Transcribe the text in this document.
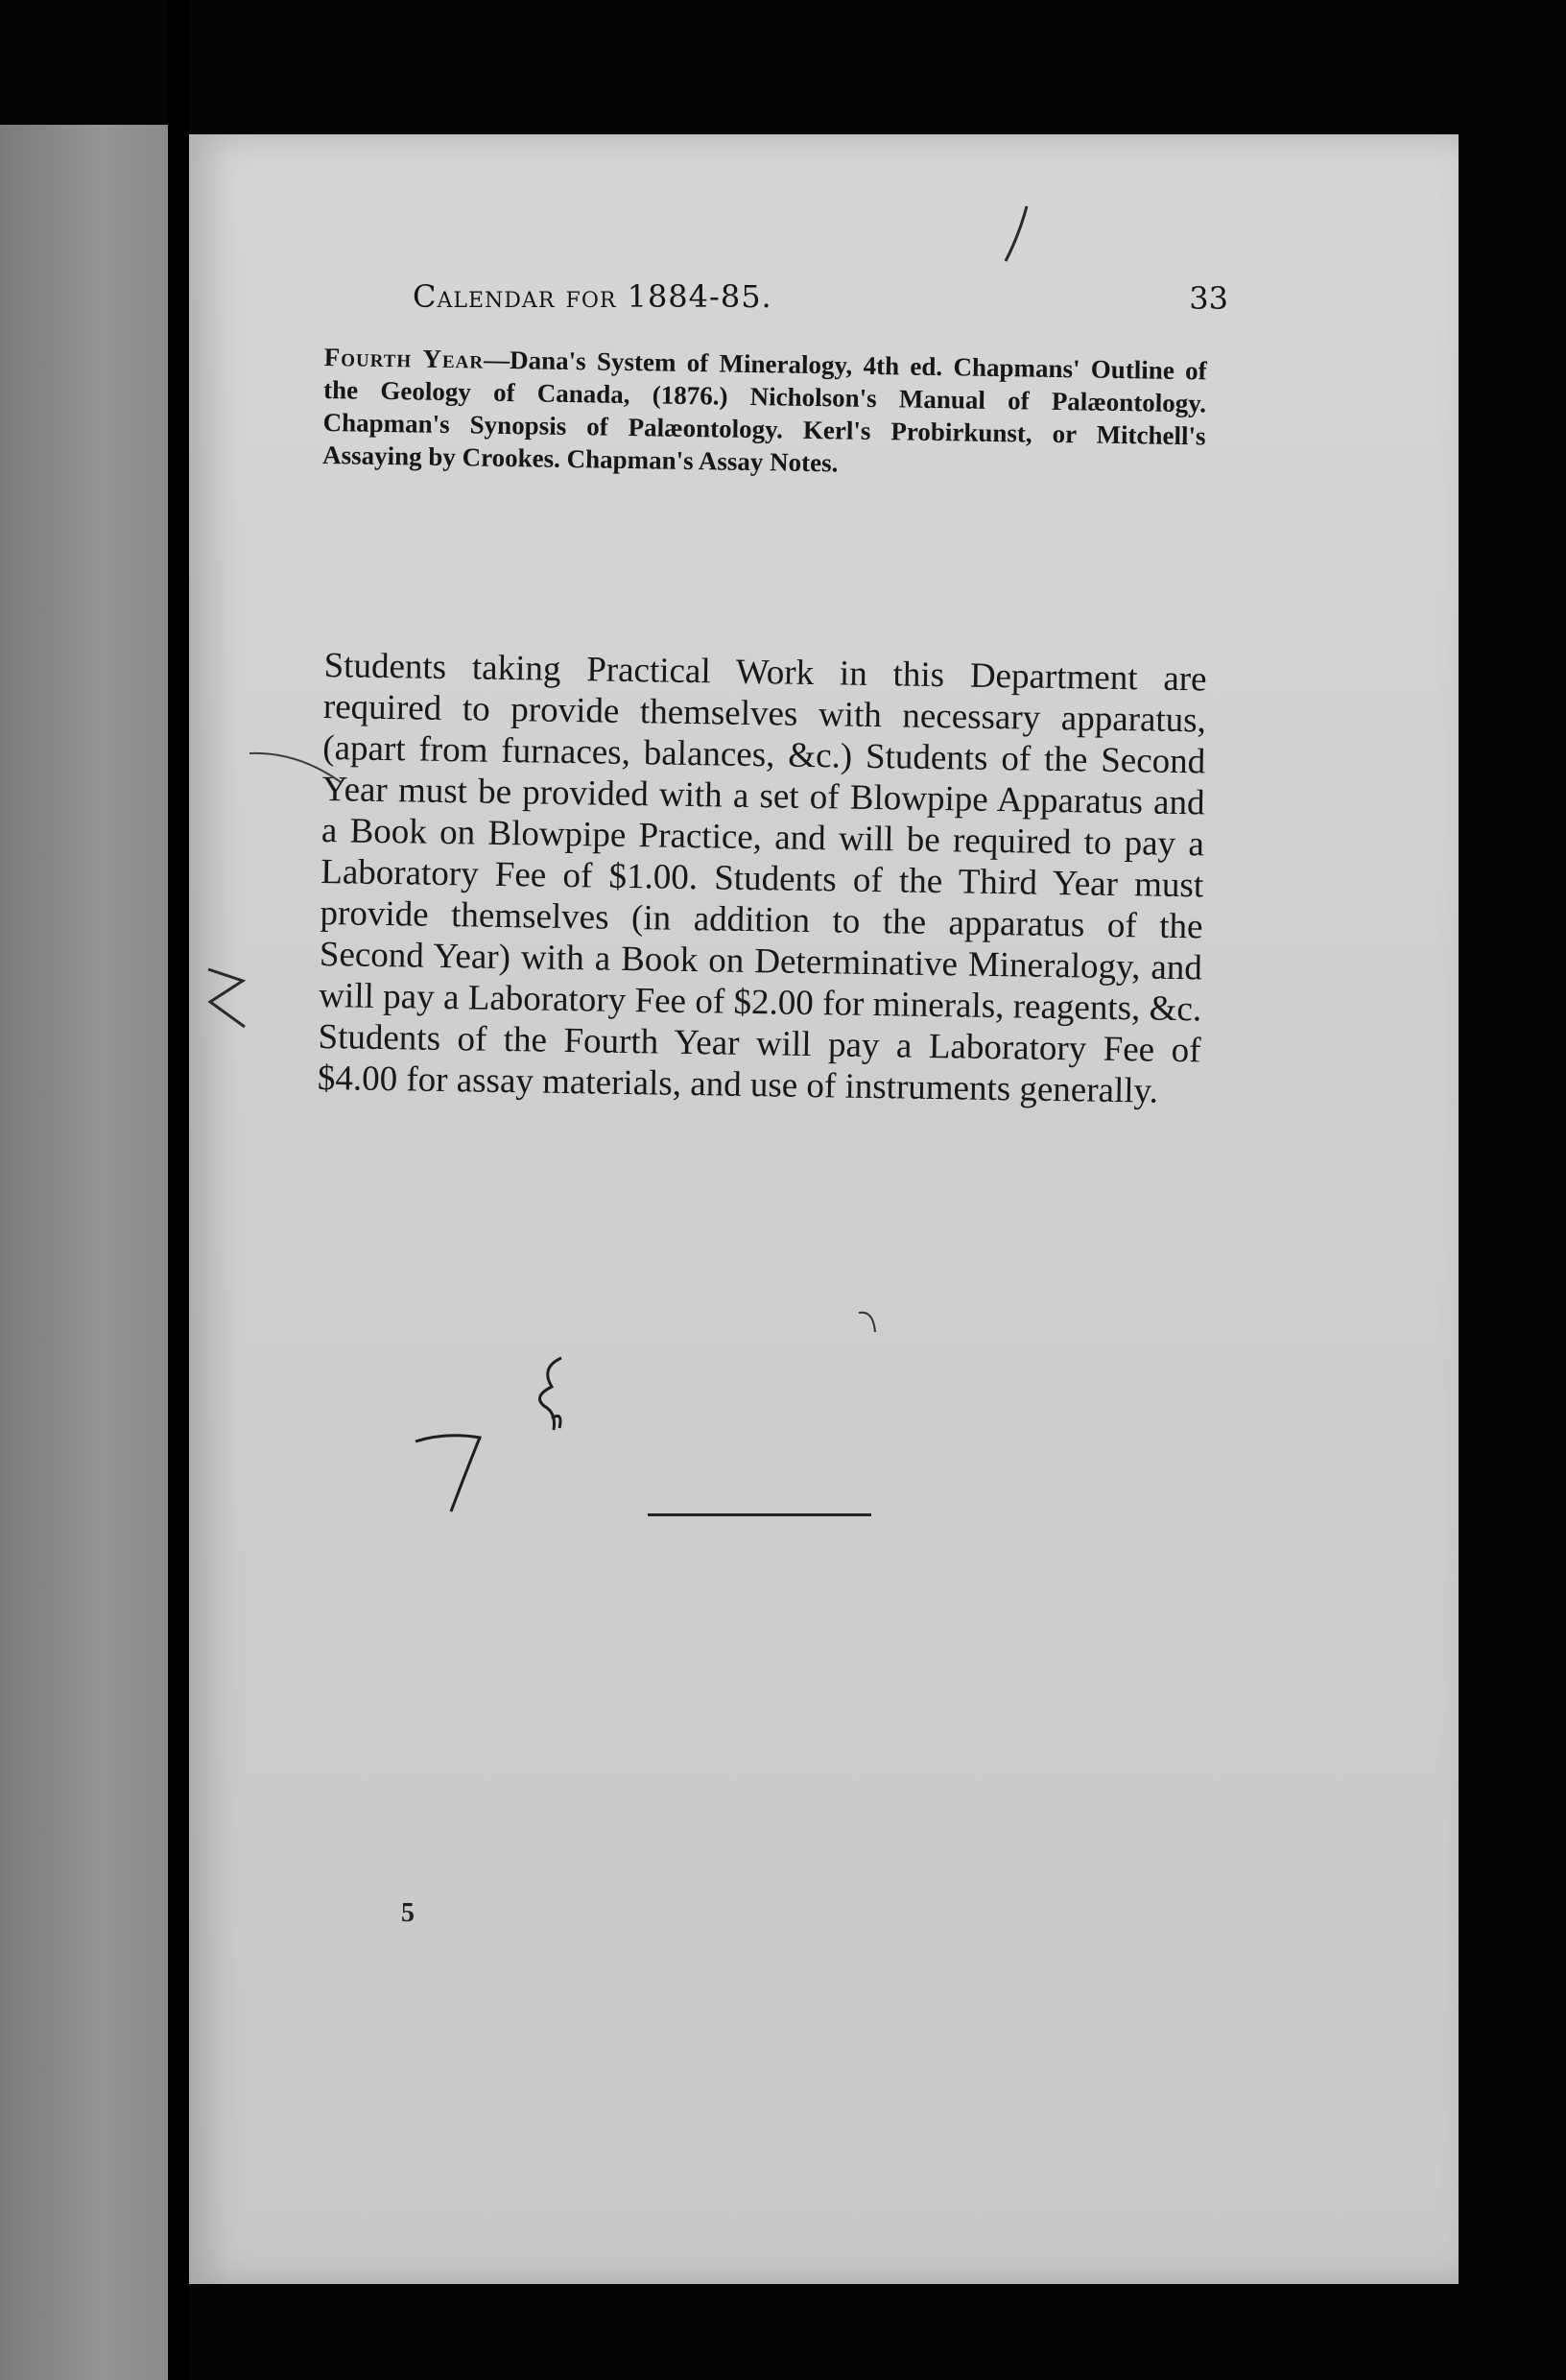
Calendar for 1884-85.	33
Fourth Year—Dana's System of Mineralogy, 4th ed. Chapmans' Outline of the Geology of Canada, (1876.) Nicholson's Manual of Palæontology. Chapman's Synopsis of Palæontology. Kerl's Probirkunst, or Mitchell's Assaying by Crookes. Chapman's Assay Notes.
Students taking Practical Work in this Department are required to provide themselves with necessary apparatus, (apart from furnaces, balances, &c.) Students of the Second Year must be provided with a set of Blowpipe Apparatus and a Book on Blowpipe Practice, and will be required to pay a Laboratory Fee of $1.00. Students of the Third Year must provide themselves (in addition to the apparatus of the Second Year) with a Book on Determinative Mineralogy, and will pay a Laboratory Fee of $2.00 for minerals, reagents, &c. Students of the Fourth Year will pay a Laboratory Fee of $4.00 for assay materials, and use of instruments generally.
5
